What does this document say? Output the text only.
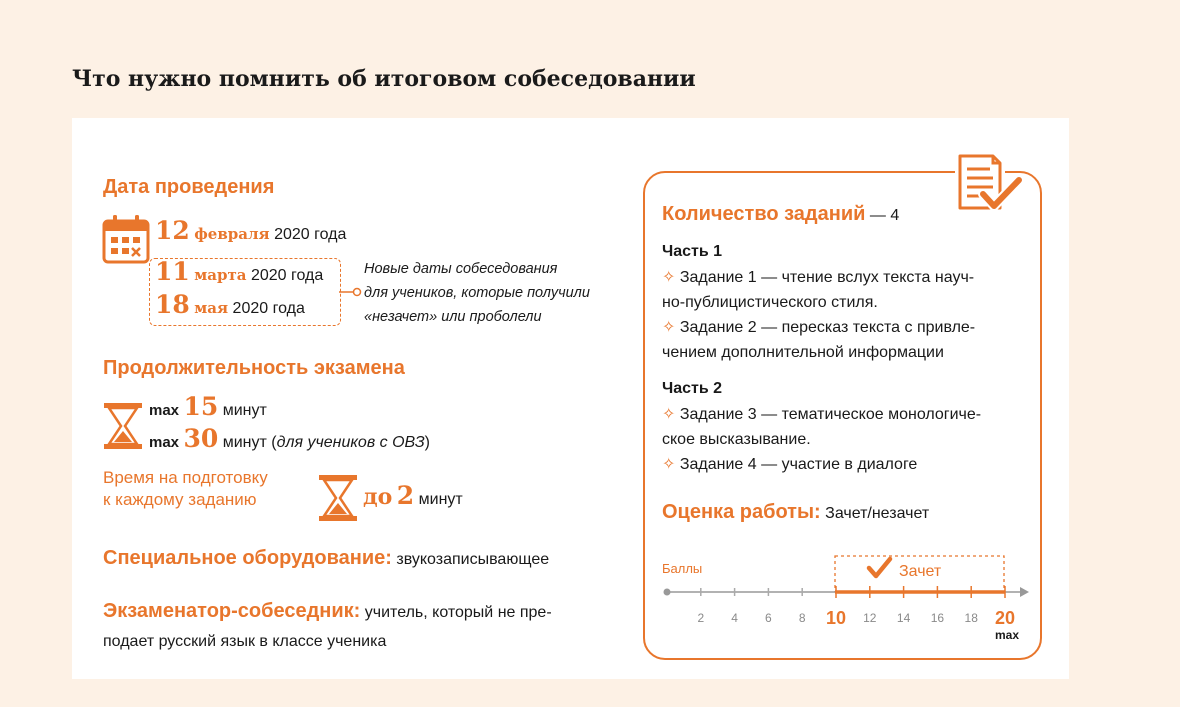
Что нужно помнить об итоговом собеседовании
Дата проведения
12 февраля 2020 года
11 марта 2020 года
18 мая 2020 года
Новые даты собеседования
для учеников, которые получили
«незачет» или проболели
Продолжительность экзамена
max 15 минут
max 30 минут (для учеников с ОВЗ)
Время на подготовку
к каждому заданию	до 2 минут
Специальное оборудование: звукозаписывающее
Экзаменатор-собеседник: учитель, который не пре-
подает русский язык в классе ученика
Количество заданий — 4
Часть 1
✧ Задание 1 — чтение вслух текста науч-
но-публицистического стиля.
✧ Задание 2 — пересказ текста с привле-
чением дополнительной информации
Часть 2
✧ Задание 3 — тематическое монологиче-
ское высказывание.
✧ Задание 4 — участие в диалоге
Оценка работы: Зачет/незачет
Баллы	Зачет
2 4 6 8 10 12 14 16 18 20
max
